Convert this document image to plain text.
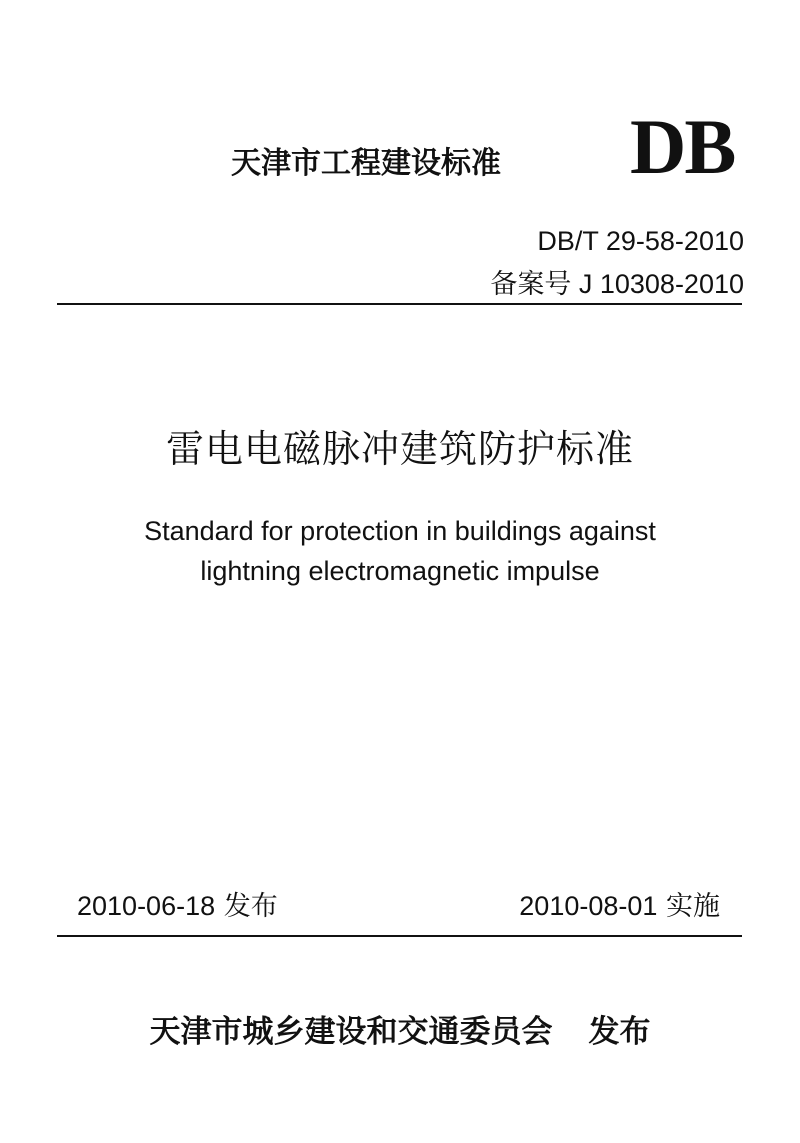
天津市工程建设标准 DB
DB/T 29-58-2010
备案号 J 10308-2010
雷电电磁脉冲建筑防护标准
Standard for protection in buildings against
lightning electromagnetic impulse
2010-06-18 发布	2010-08-01 实施
天津市城乡建设和交通委员会 发布
